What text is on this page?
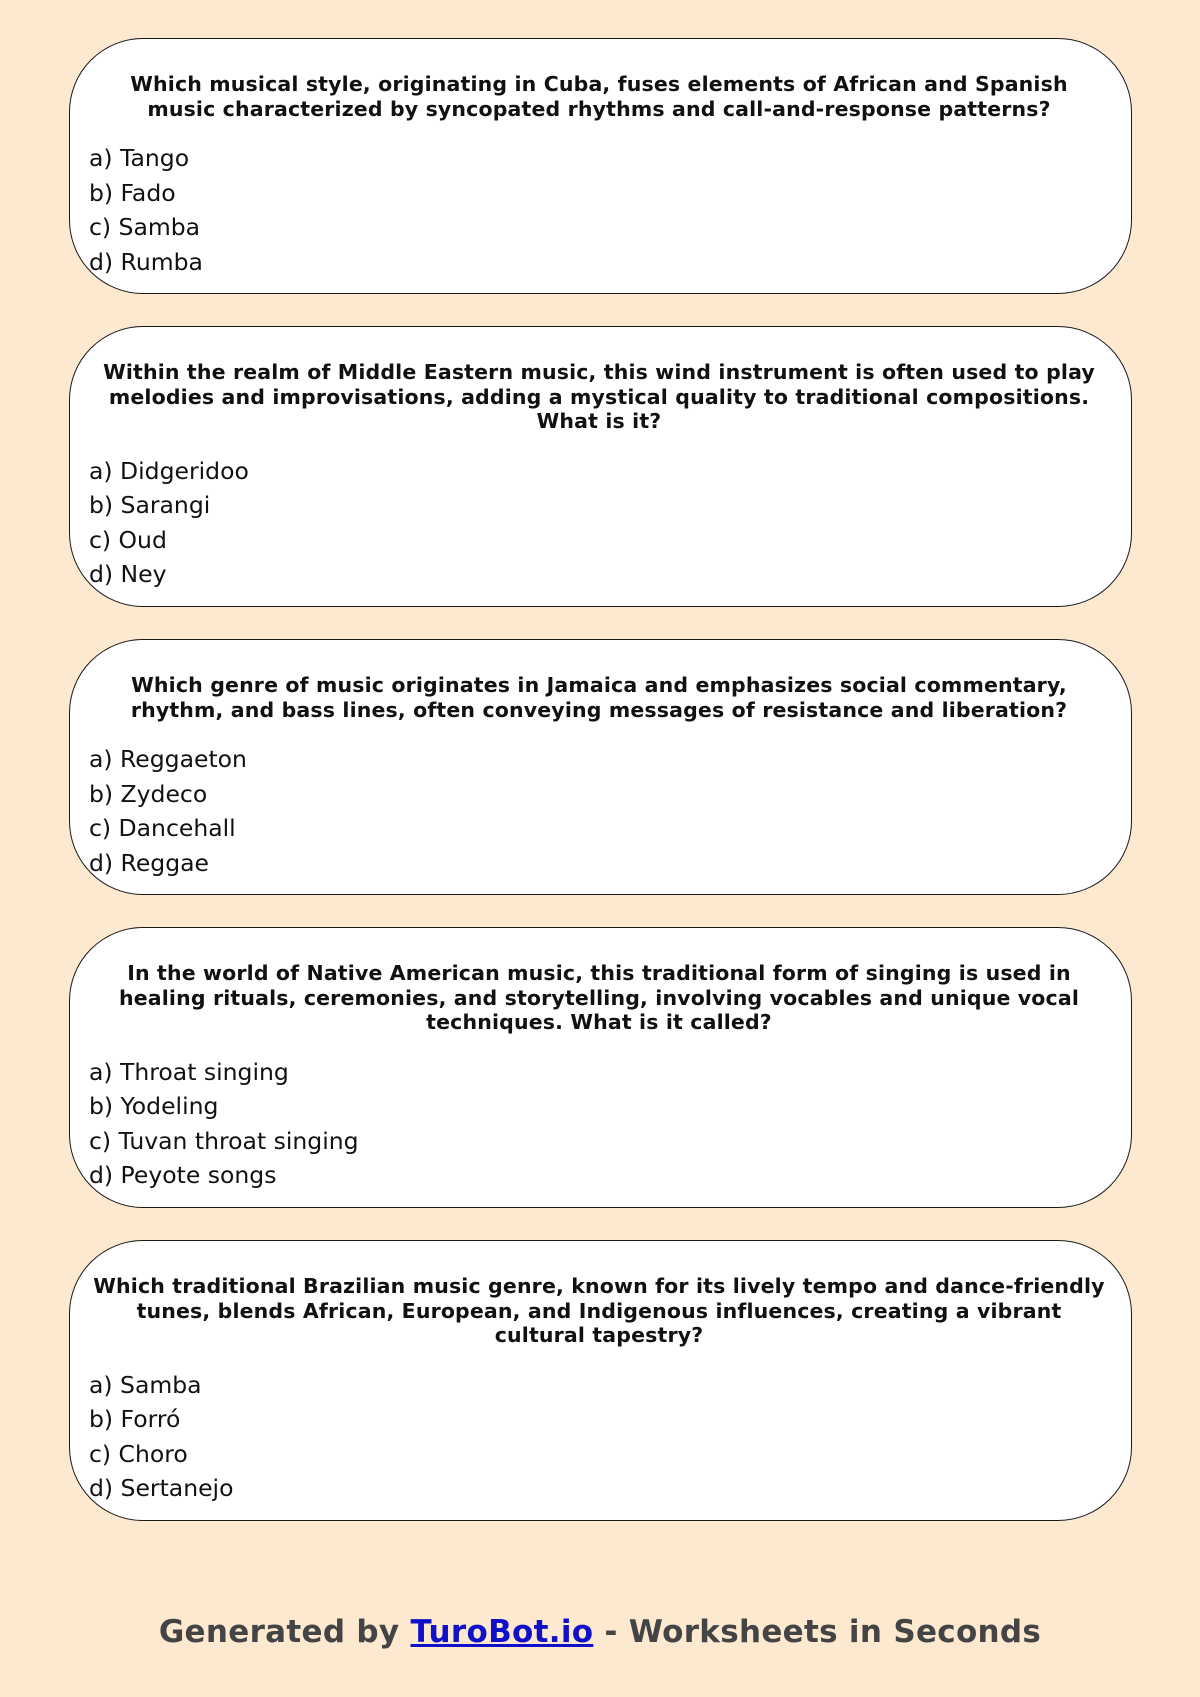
Which musical style, originating in Cuba, fuses elements of African and Spanish music characterized by syncopated rhythms and call-and-response patterns?

a) Tango
b) Fado
c) Samba
d) Rumba

Within the realm of Middle Eastern music, this wind instrument is often used to play melodies and improvisations, adding a mystical quality to traditional compositions. What is it?

a) Didgeridoo
b) Sarangi
c) Oud
d) Ney

Which genre of music originates in Jamaica and emphasizes social commentary, rhythm, and bass lines, often conveying messages of resistance and liberation?

a) Reggaeton
b) Zydeco
c) Dancehall
d) Reggae

In the world of Native American music, this traditional form of singing is used in healing rituals, ceremonies, and storytelling, involving vocables and unique vocal techniques. What is it called?

a) Throat singing
b) Yodeling
c) Tuvan throat singing
d) Peyote songs

Which traditional Brazilian music genre, known for its lively tempo and dance-friendly tunes, blends African, European, and Indigenous influences, creating a vibrant cultural tapestry?

a) Samba
b) Forró
c) Choro
d) Sertanejo
Generated by TuroBot.io - Worksheets in Seconds
